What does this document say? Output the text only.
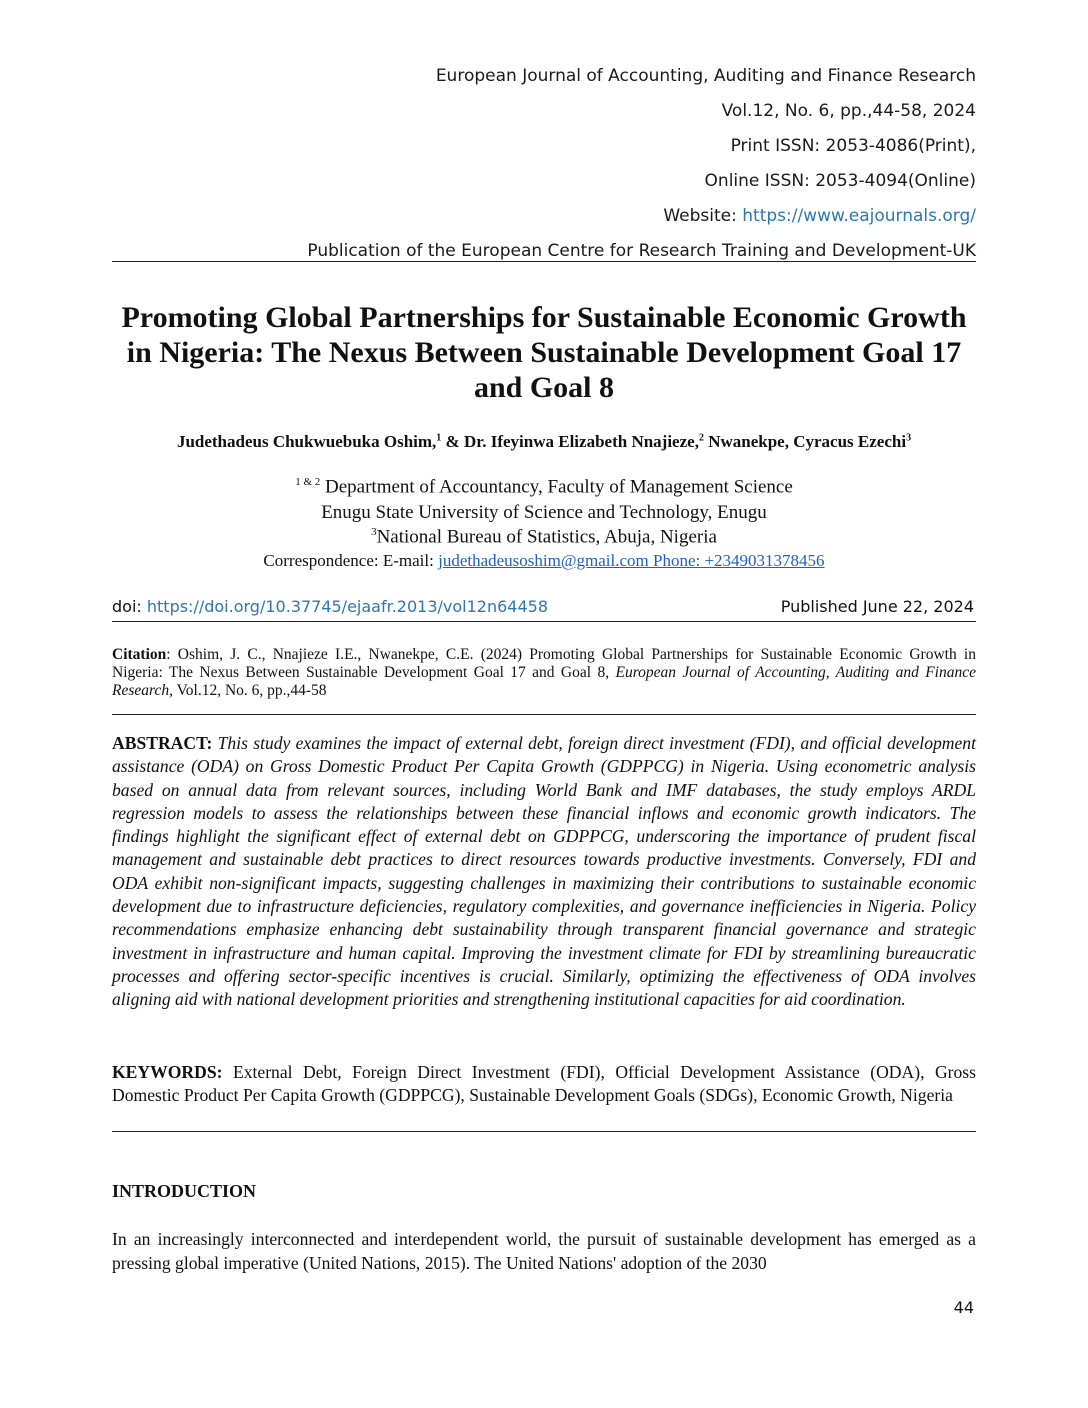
European Journal of Accounting, Auditing and Finance Research
Vol.12, No. 6, pp.,44-58, 2024
Print ISSN: 2053-4086(Print),
Online ISSN: 2053-4094(Online)
Website: https://www.eajournals.org/
Publication of the European Centre for Research Training and Development-UK
Promoting Global Partnerships for Sustainable Economic Growth in Nigeria: The Nexus Between Sustainable Development Goal 17 and Goal 8
Judethadeus Chukwuebuka Oshim,$^1$ & Dr. Ifeyinwa Elizabeth Nnajieze,$^2$ Nwanekpe, Cyracus Ezechi$^3$
$^{1 \& 2}$ Department of Accountancy, Faculty of Management Science
Enugu State University of Science and Technology, Enugu
$^3$National Bureau of Statistics, Abuja, Nigeria
Correspondence: E-mail: judethadeusoshim@gmail.com Phone: +2349031378456
doi: https://doi.org/10.37745/ejaafr.2013/vol12n64458	Published June 22, 2024
Citation: Oshim, J. C., Nnajieze I.E., Nwanekpe, C.E. (2024) Promoting Global Partnerships for Sustainable Economic Growth in Nigeria: The Nexus Between Sustainable Development Goal 17 and Goal 8, European Journal of Accounting, Auditing and Finance Research, Vol.12, No. 6, pp.,44-58
ABSTRACT: This study examines the impact of external debt, foreign direct investment (FDI), and official development assistance (ODA) on Gross Domestic Product Per Capita Growth (GDPPCG) in Nigeria. Using econometric analysis based on annual data from relevant sources, including World Bank and IMF databases, the study employs ARDL regression models to assess the relationships between these financial inflows and economic growth indicators. The findings highlight the significant effect of external debt on GDPPCG, underscoring the importance of prudent fiscal management and sustainable debt practices to direct resources towards productive investments. Conversely, FDI and ODA exhibit non-significant impacts, suggesting challenges in maximizing their contributions to sustainable economic development due to infrastructure deficiencies, regulatory complexities, and governance inefficiencies in Nigeria. Policy recommendations emphasize enhancing debt sustainability through transparent financial governance and strategic investment in infrastructure and human capital. Improving the investment climate for FDI by streamlining bureaucratic processes and offering sector-specific incentives is crucial. Similarly, optimizing the effectiveness of ODA involves aligning aid with national development priorities and strengthening institutional capacities for aid coordination.
KEYWORDS: External Debt, Foreign Direct Investment (FDI), Official Development Assistance (ODA), Gross Domestic Product Per Capita Growth (GDPPCG), Sustainable Development Goals (SDGs), Economic Growth, Nigeria
INTRODUCTION
In an increasingly interconnected and interdependent world, the pursuit of sustainable development has emerged as a pressing global imperative (United Nations, 2015). The United Nations' adoption of the 2030
44
